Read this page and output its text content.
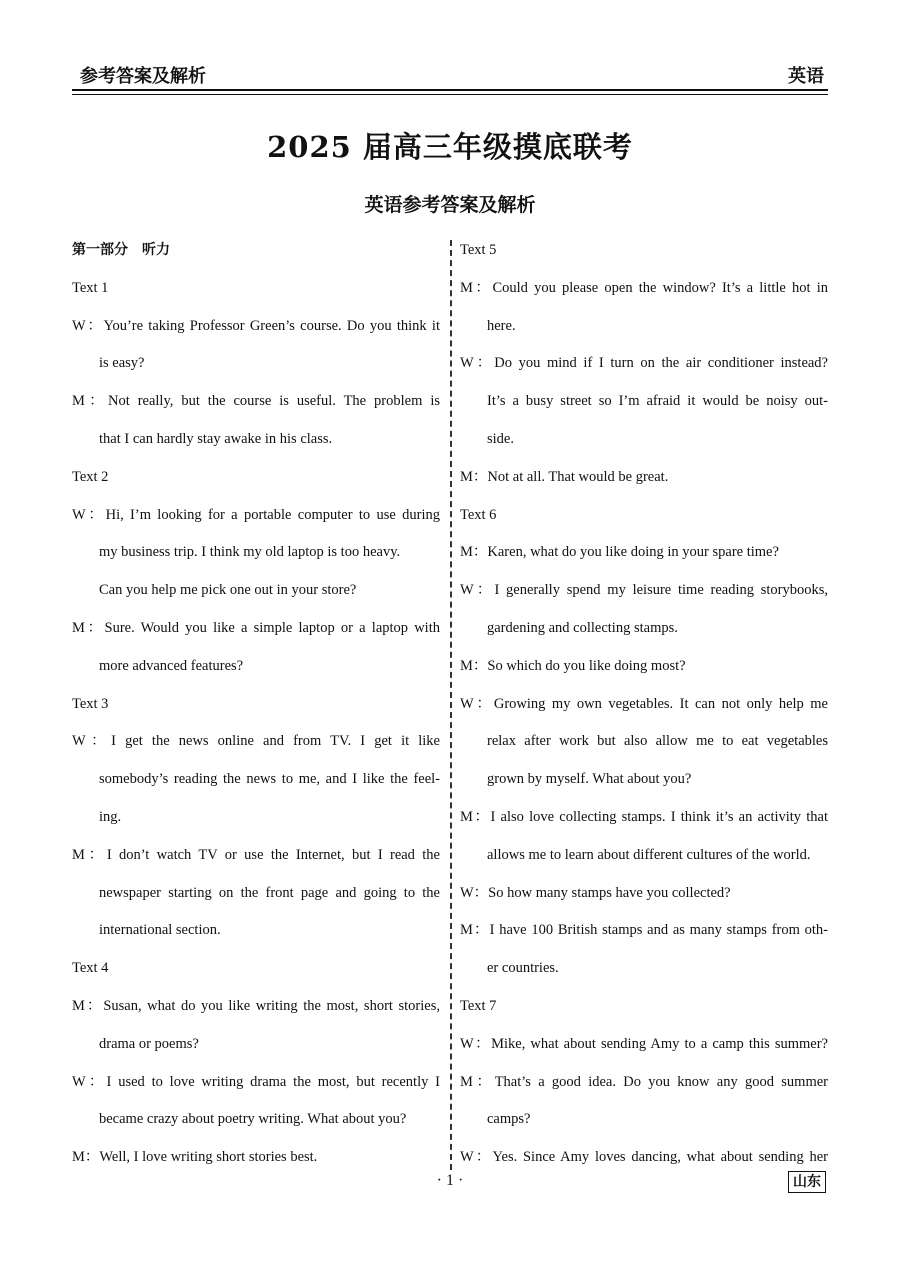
参考答案及解析	英语
2025 届高三年级摸底联考
英语参考答案及解析
第一部分　听力
Text 1
W：You’re taking Professor Green’s course. Do you think it
is easy?
M：Not really, but the course is useful. The problem is
that I can hardly stay awake in his class.
Text 2
W：Hi, I’m looking for a portable computer to use during
my business trip. I think my old laptop is too heavy.
Can you help me pick one out in your store?
M：Sure. Would you like a simple laptop or a laptop with
more advanced features?
Text 3
W：I get the news online and from TV. I get it like
somebody’s reading the news to me, and I like the feel-
ing.
M：I don’t watch TV or use the Internet, but I read the
newspaper starting on the front page and going to the
international section.
Text 4
M：Susan, what do you like writing the most, short stories,
drama or poems?
W：I used to love writing drama the most, but recently I
became crazy about poetry writing. What about you?
M：Well, I love writing short stories best.
Text 5
M：Could you please open the window? It’s a little hot in
here.
W：Do you mind if I turn on the air conditioner instead?
It’s a busy street so I’m afraid it would be noisy out-
side.
M：Not at all. That would be great.
Text 6
M：Karen, what do you like doing in your spare time?
W：I generally spend my leisure time reading storybooks,
gardening and collecting stamps.
M：So which do you like doing most?
W：Growing my own vegetables. It can not only help me
relax after work but also allow me to eat vegetables
grown by myself. What about you?
M：I also love collecting stamps. I think it’s an activity that
allows me to learn about different cultures of the world.
W：So how many stamps have you collected?
M：I have 100 British stamps and as many stamps from oth-
er countries.
Text 7
W：Mike, what about sending Amy to a camp this summer?
M：That’s a good idea. Do you know any good summer
camps?
W：Yes. Since Amy loves dancing, what about sending her
· 1 ·	山东
